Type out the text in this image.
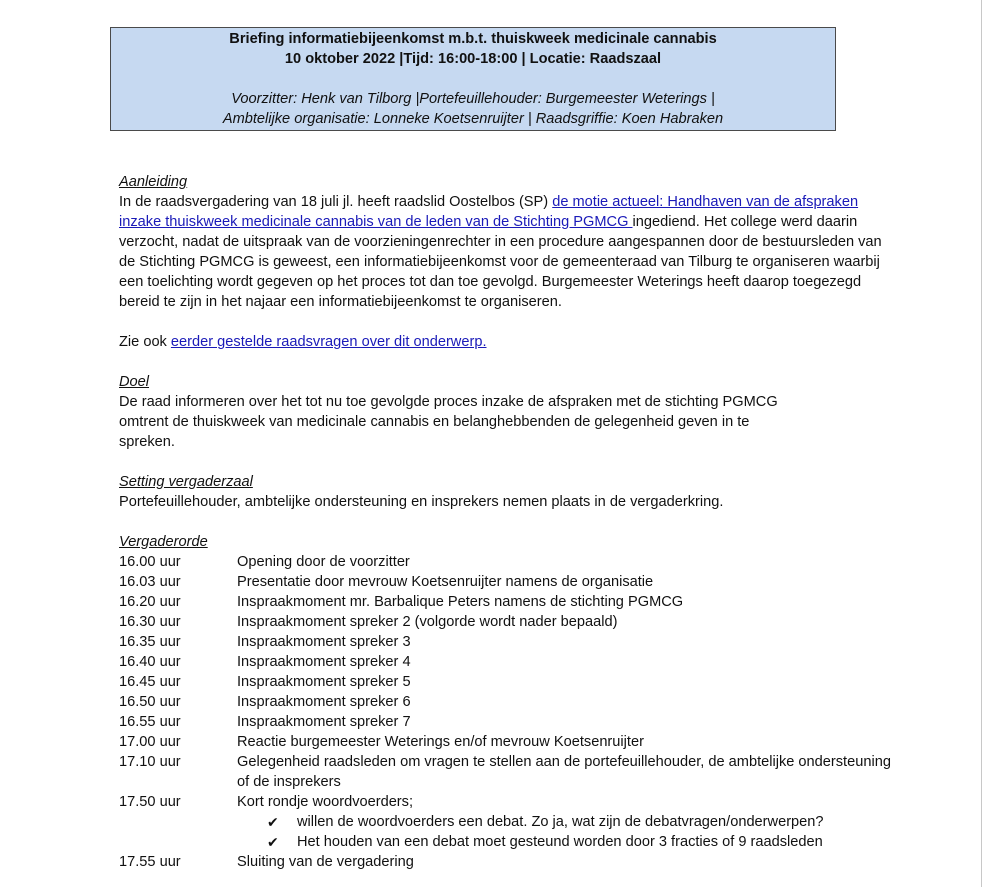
Briefing informatiebijeenkomst m.b.t. thuiskweek medicinale cannabis
10 oktober 2022 |Tijd: 16:00-18:00 | Locatie: Raadszaal
Voorzitter: Henk van Tilborg |Portefeuillehouder: Burgemeester Weterings |
Ambtelijke organisatie: Lonneke Koetsenruijter | Raadsgriffie: Koen Habraken
Aanleiding

In de raadsvergadering van 18 juli jl. heeft raadslid Oostelbos (SP) de motie actueel: Handhaven van de afspraken inzake thuiskweek medicinale cannabis van de leden van de Stichting PGMCG ingediend. Het college werd daarin verzocht, nadat de uitspraak van de voorzieningenrechter in een procedure aangespannen door de bestuursleden van de Stichting PGMCG is geweest, een informatiebijeenkomst voor de gemeenteraad van Tilburg te organiseren waarbij een toelichting wordt gegeven op het proces tot dan toe gevolgd. Burgemeester Weterings heeft daarop toegezegd bereid te zijn in het najaar een informatiebijeenkomst te organiseren.

Zie ook eerder gestelde raadsvragen over dit onderwerp.

Doel

De raad informeren over het tot nu toe gevolgde proces inzake de afspraken met de stichting PGMCG omtrent de thuiskweek van medicinale cannabis en belanghebbenden de gelegenheid geven in te spreken.

Setting vergaderzaal

Portefeuillehouder, ambtelijke ondersteuning en insprekers nemen plaats in de vergaderkring.

Vergaderorde
16.00 uur	Opening door de voorzitter
16.03 uur	Presentatie door mevrouw Koetsenruijter namens de organisatie
16.20 uur	Inspraakmoment mr. Barbalique Peters namens de stichting PGMCG
16.30 uur	Inspraakmoment spreker 2 (volgorde wordt nader bepaald)
16.35 uur	Inspraakmoment spreker 3
16.40 uur	Inspraakmoment spreker 4
16.45 uur	Inspraakmoment spreker 5
16.50 uur	Inspraakmoment spreker 6
16.55 uur	Inspraakmoment spreker 7
17.00 uur	Reactie burgemeester Weterings en/of mevrouw Koetsenruijter
17.10 uur	Gelegenheid raadsleden om vragen te stellen aan de portefeuillehouder, de ambtelijke ondersteuning of de insprekers
17.50 uur	Kort rondje woordvoerders;
✔	willen de woordvoerders een debat. Zo ja, wat zijn de debatvragen/onderwerpen?
✔	Het houden van een debat moet gesteund worden door 3 fracties of 9 raadsleden
17.55 uur	Sluiting van de vergadering
